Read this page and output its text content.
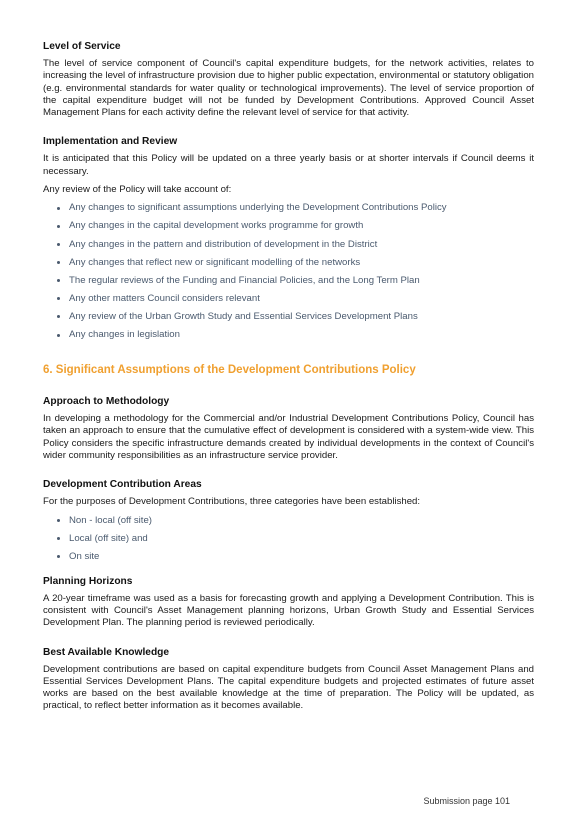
Level of Service
The level of service component of Council's capital expenditure budgets, for the network activities, relates to increasing the level of infrastructure provision due to higher public expectation, environmental or statutory obligation (e.g. environmental standards for water quality or technological improvements). The level of service proportion of the capital expenditure budget will not be funded by Development Contributions. Approved Council Asset Management Plans for each activity define the relevant level of service for that activity.
Implementation and Review
It is anticipated that this Policy will be updated on a three yearly basis or at shorter intervals if Council deems it necessary.
Any review of the Policy will take account of:
Any changes to significant assumptions underlying the Development Contributions Policy
Any changes in the capital development works programme for growth
Any changes in the pattern and distribution of development in the District
Any changes that reflect new or significant modelling of the networks
The regular reviews of the Funding and Financial Policies, and the Long Term Plan
Any other matters Council considers relevant
Any review of the Urban Growth Study and Essential Services Development Plans
Any changes in legislation
6. Significant Assumptions of the Development Contributions Policy
Approach to Methodology
In developing a methodology for the Commercial and/or Industrial Development Contributions Policy, Council has taken an approach to ensure that the cumulative effect of development is considered with a system-wide view. This Policy considers the specific infrastructure demands created by individual developments in the context of Council's wider community responsibilities as an infrastructure service provider.
Development Contribution Areas
For the purposes of Development Contributions, three categories have been established:
Non - local (off site)
Local (off site) and
On site
Planning Horizons
A 20-year timeframe was used as a basis for forecasting growth and applying a Development Contribution. This is consistent with Council's Asset Management planning horizons, Urban Growth Study and Essential Services Development Plan. The planning period is reviewed periodically.
Best Available Knowledge
Development contributions are based on capital expenditure budgets from Council Asset Management Plans and Essential Services Development Plans. The capital expenditure budgets and projected estimates of future asset works are based on the best available knowledge at the time of preparation. The Policy will be updated, as practical, to reflect better information as it becomes available.
Submission page 101
